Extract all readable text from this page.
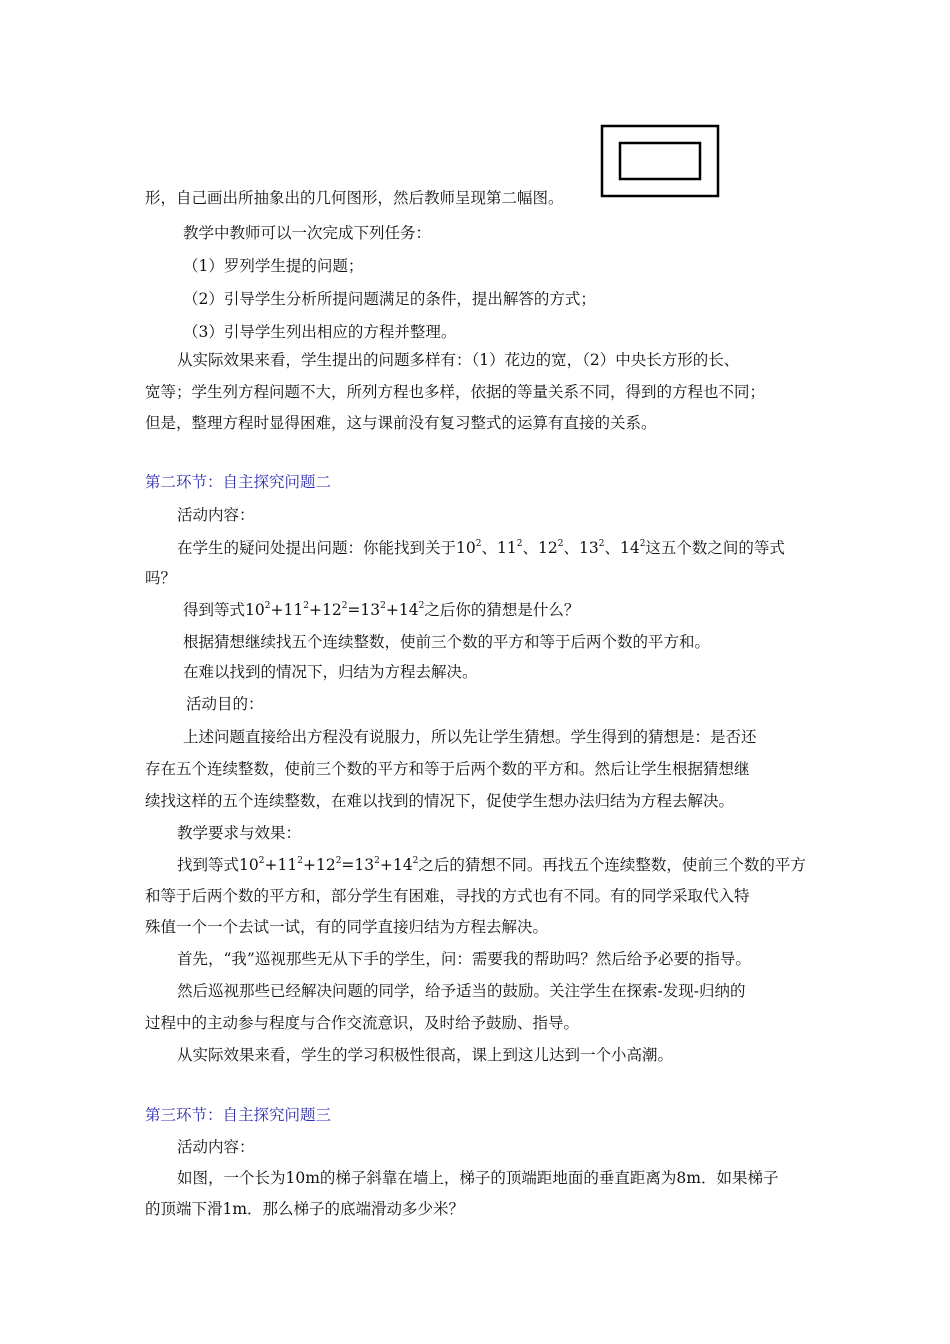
形，自己画出所抽象出的几何图形，然后教师呈现第二幅图。
教学中教师可以一次完成下列任务：
（1）罗列学生提的问题；
（2）引导学生分析所提问题满足的条件，提出解答的方式；
（3）引导学生列出相应的方程并整理。
从实际效果来看，学生提出的问题多样有：（1）花边的宽，（2）中央长方形的长、
宽等；学生列方程问题不大，所列方程也多样，依据的等量关系不同，得到的方程也不同；
但是，整理方程时显得困难，这与课前没有复习整式的运算有直接的关系。
第二环节：自主探究问题二
活动内容：
在学生的疑问处提出问题：你能找到关于$10^2$、$11^2$、$12^2$、$13^2$、$14^2$这五个数之间的等式
吗？
得到等式$10^2+11^2+12^2=13^2+14^2$之后你的猜想是什么？
根据猜想继续找五个连续整数，使前三个数的平方和等于后两个数的平方和。
在难以找到的情况下，归结为方程去解决。
活动目的：
上述问题直接给出方程没有说服力，所以先让学生猜想。学生得到的猜想是：是否还
存在五个连续整数，使前三个数的平方和等于后两个数的平方和。然后让学生根据猜想继
续找这样的五个连续整数，在难以找到的情况下，促使学生想办法归结为方程去解决。
教学要求与效果：
找到等式$10^2+11^2+12^2=13^2+14^2$之后的猜想不同。再找五个连续整数，使前三个数的平方
和等于后两个数的平方和，部分学生有困难，寻找的方式也有不同。有的同学采取代入特
殊值一个一个去试一试，有的同学直接归结为方程去解决。
首先，“我”巡视那些无从下手的学生，问：需要我的帮助吗？然后给予必要的指导。
然后巡视那些已经解决问题的同学，给予适当的鼓励。关注学生在探索-发现-归纳的
过程中的主动参与程度与合作交流意识，及时给予鼓励、指导。
从实际效果来看，学生的学习积极性很高，课上到这儿达到一个小高潮。
第三环节：自主探究问题三
活动内容：
如图，一个长为10m的梯子斜靠在墙上，梯子的顶端距地面的垂直距离为8m．如果梯子
的顶端下滑1m．那么梯子的底端滑动多少米？
